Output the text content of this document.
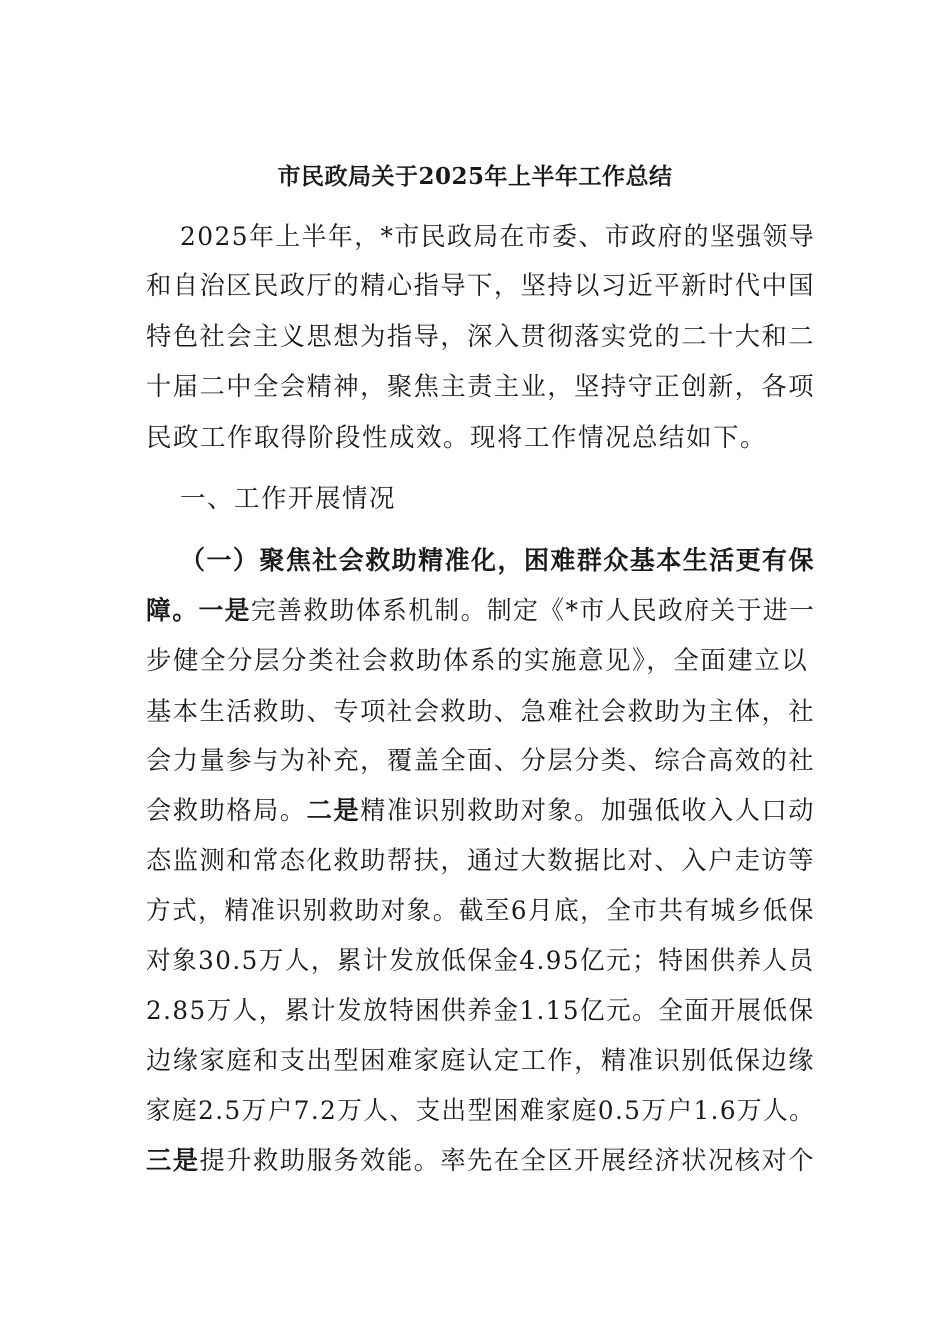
市民政局关于2025年上半年工作总结
2025年上半年，*市民政局在市委、市政府的坚强领导
和自治区民政厅的精心指导下，坚持以习近平新时代中国
特色社会主义思想为指导，深入贯彻落实党的二十大和二
十届二中全会精神，聚焦主责主业，坚持守正创新，各项
民政工作取得阶段性成效。现将工作情况总结如下。
一、工作开展情况
（一）聚焦社会救助精准化，困难群众基本生活更有保
障。一是完善救助体系机制。制定《*市人民政府关于进一
步健全分层分类社会救助体系的实施意见》，全面建立以
基本生活救助、专项社会救助、急难社会救助为主体，社
会力量参与为补充，覆盖全面、分层分类、综合高效的社
会救助格局。二是精准识别救助对象。加强低收入人口动
态监测和常态化救助帮扶，通过大数据比对、入户走访等
方式，精准识别救助对象。截至6月底，全市共有城乡低保
对象30.5万人，累计发放低保金4.95亿元；特困供养人员
2.85万人，累计发放特困供养金1.15亿元。全面开展低保
边缘家庭和支出型困难家庭认定工作，精准识别低保边缘
家庭2.5万户7.2万人、支出型困难家庭0.5万户1.6万人。
三是提升救助服务效能。率先在全区开展经济状况核对个
